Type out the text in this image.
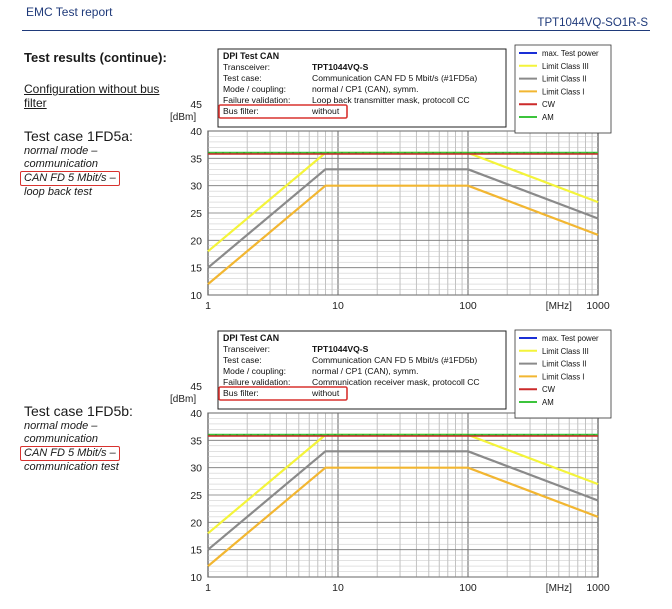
EMC Test report
TPT1044VQ-SO1R-S
Test results (continue):
Configuration without bus filter
Test case 1FD5a:
normal mode –
communication
CAN FD 5 Mbit/s –
loop back test
Test case 1FD5b:
normal mode –
communication
CAN FD 5 Mbit/s –
communication test
10
15
20
25
30
35
40
45
[dBm]
1	10	100	1000
[MHz]
DPI Test CAN
Transceiver:	TPT1044VQ-S
Test case:	Communication CAN FD 5 Mbit/s (#1FD5a)
Mode / coupling:	normal / CP1 (CAN), symm.
Failure validation:	Loop back transmitter mask, protocoll CC
Bus filter:	without
max. Test power
Limit Class III
Limit Class II
Limit Class I
CW
AM
10
15
20
25
30
35
40
45
[dBm]
1	10	100	1000
[MHz]
DPI Test CAN
Transceiver:	TPT1044VQ-S
Test case:	Communication CAN FD 5 Mbit/s (#1FD5b)
Mode / coupling:	normal / CP1 (CAN), symm.
Failure validation:	Communication receiver mask, protocoll CC
Bus filter:	without
max. Test power
Limit Class III
Limit Class II
Limit Class I
CW
AM
